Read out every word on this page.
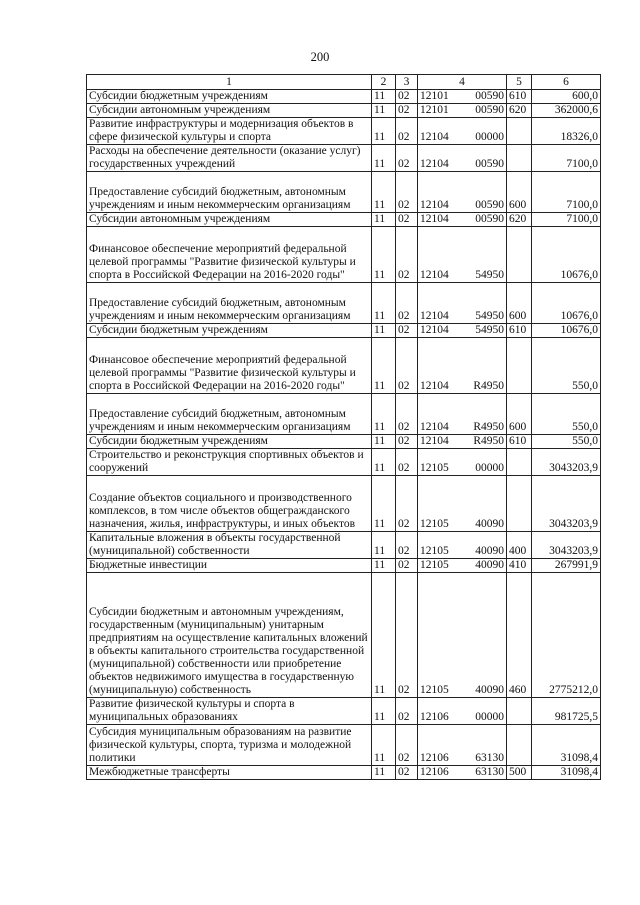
200
1	2	3	4	5	6
Субсидии бюджетным учреждениям	11	02	12101 00590	610	600,0
Субсидии автономным учреждениям	11	02	12101 00590	620	362000,6
Развитие инфраструктуры и модернизация объектов в сфере физической культуры и спорта	11	02	12104 00000		18326,0
Расходы на обеспечение деятельности (оказание услуг) государственных учреждений	11	02	12104 00590		7100,0
Предоставление субсидий бюджетным, автономным учреждениям и иным некоммерческим организациям	11	02	12104 00590	600	7100,0
Субсидии автономным учреждениям	11	02	12104 00590	620	7100,0
Финансовое обеспечение мероприятий федеральной целевой программы "Развитие физической культуры и спорта в Российской Федерации на 2016-2020 годы"	11	02	12104 54950		10676,0
Предоставление субсидий бюджетным, автономным учреждениям и иным некоммерческим организациям	11	02	12104 54950	600	10676,0
Субсидии бюджетным учреждениям	11	02	12104 54950	610	10676,0
Финансовое обеспечение мероприятий федеральной целевой программы "Развитие физической культуры и спорта в Российской Федерации на 2016-2020 годы"	11	02	12104 R4950		550,0
Предоставление субсидий бюджетным, автономным учреждениям и иным некоммерческим организациям	11	02	12104 R4950	600	550,0
Субсидии бюджетным учреждениям	11	02	12104 R4950	610	550,0
Строительство и реконструкция спортивных объектов и сооружений	11	02	12105 00000		3043203,9
Создание объектов социального и производственного комплексов, в том числе объектов общегражданского назначения, жилья, инфраструктуры, и иных объектов	11	02	12105 40090		3043203,9
Капитальные вложения в объекты государственной (муниципальной) собственности	11	02	12105 40090	400	3043203,9
Бюджетные инвестиции	11	02	12105 40090	410	267991,9
Субсидии бюджетным и автономным учреждениям, государственным (муниципальным) унитарным предприятиям на осуществление капитальных вложений в объекты капитального строительства государственной (муниципальной) собственности или приобретение объектов недвижимого имущества в государственную (муниципальную) собственность	11	02	12105 40090	460	2775212,0
Развитие физической культуры и спорта в муниципальных образованиях	11	02	12106 00000		981725,5
Субсидия муниципальным образованиям на развитие физической культуры, спорта, туризма и молодежной политики	11	02	12106 63130		31098,4
Межбюджетные трансферты	11	02	12106 63130	500	31098,4
